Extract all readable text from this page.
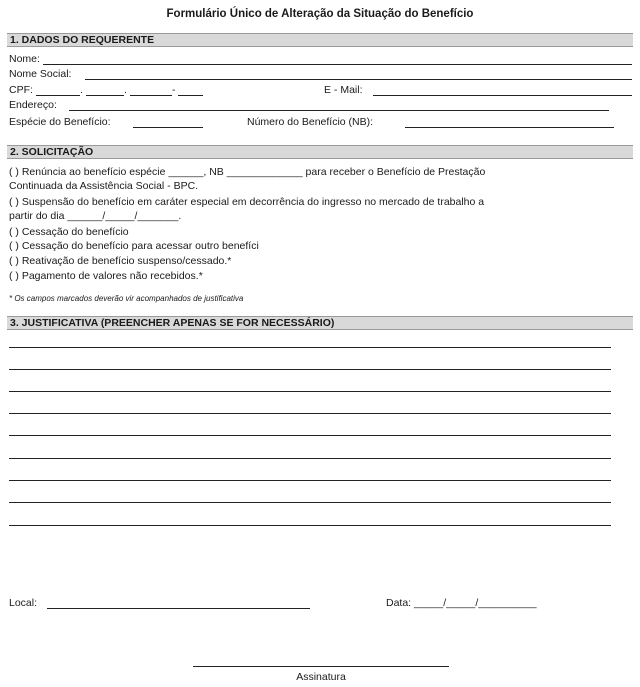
Formulário Único de Alteração da Situação do Benefício
1. DADOS DO REQUERENTE
Nome:
Nome Social:
CPF:	.	.	-	E - Mail:
Endereço:
Espécie do Benefício:	Número do Benefício (NB):
2. SOLICITAÇÃO
( ) Renúncia ao benefício espécie ______, NB _____________ para receber o Benefício de Prestação
Continuada da Assistência Social - BPC.
( ) Suspensão do benefício em caráter especial em decorrência do ingresso no mercado de trabalho a
partir do dia ______/_____/_______.
( ) Cessação do benefício
( ) Cessação do benefício para acessar outro benefíci
( ) Reativação de benefício suspenso/cessado.*
( ) Pagamento de valores não recebidos.*
* Os campos marcados deverão vir acompanhados de justificativa
3. JUSTIFICATIVA (PREENCHER APENAS SE FOR NECESSÁRIO)
Local:	Data: _____/_____/__________
Assinatura
